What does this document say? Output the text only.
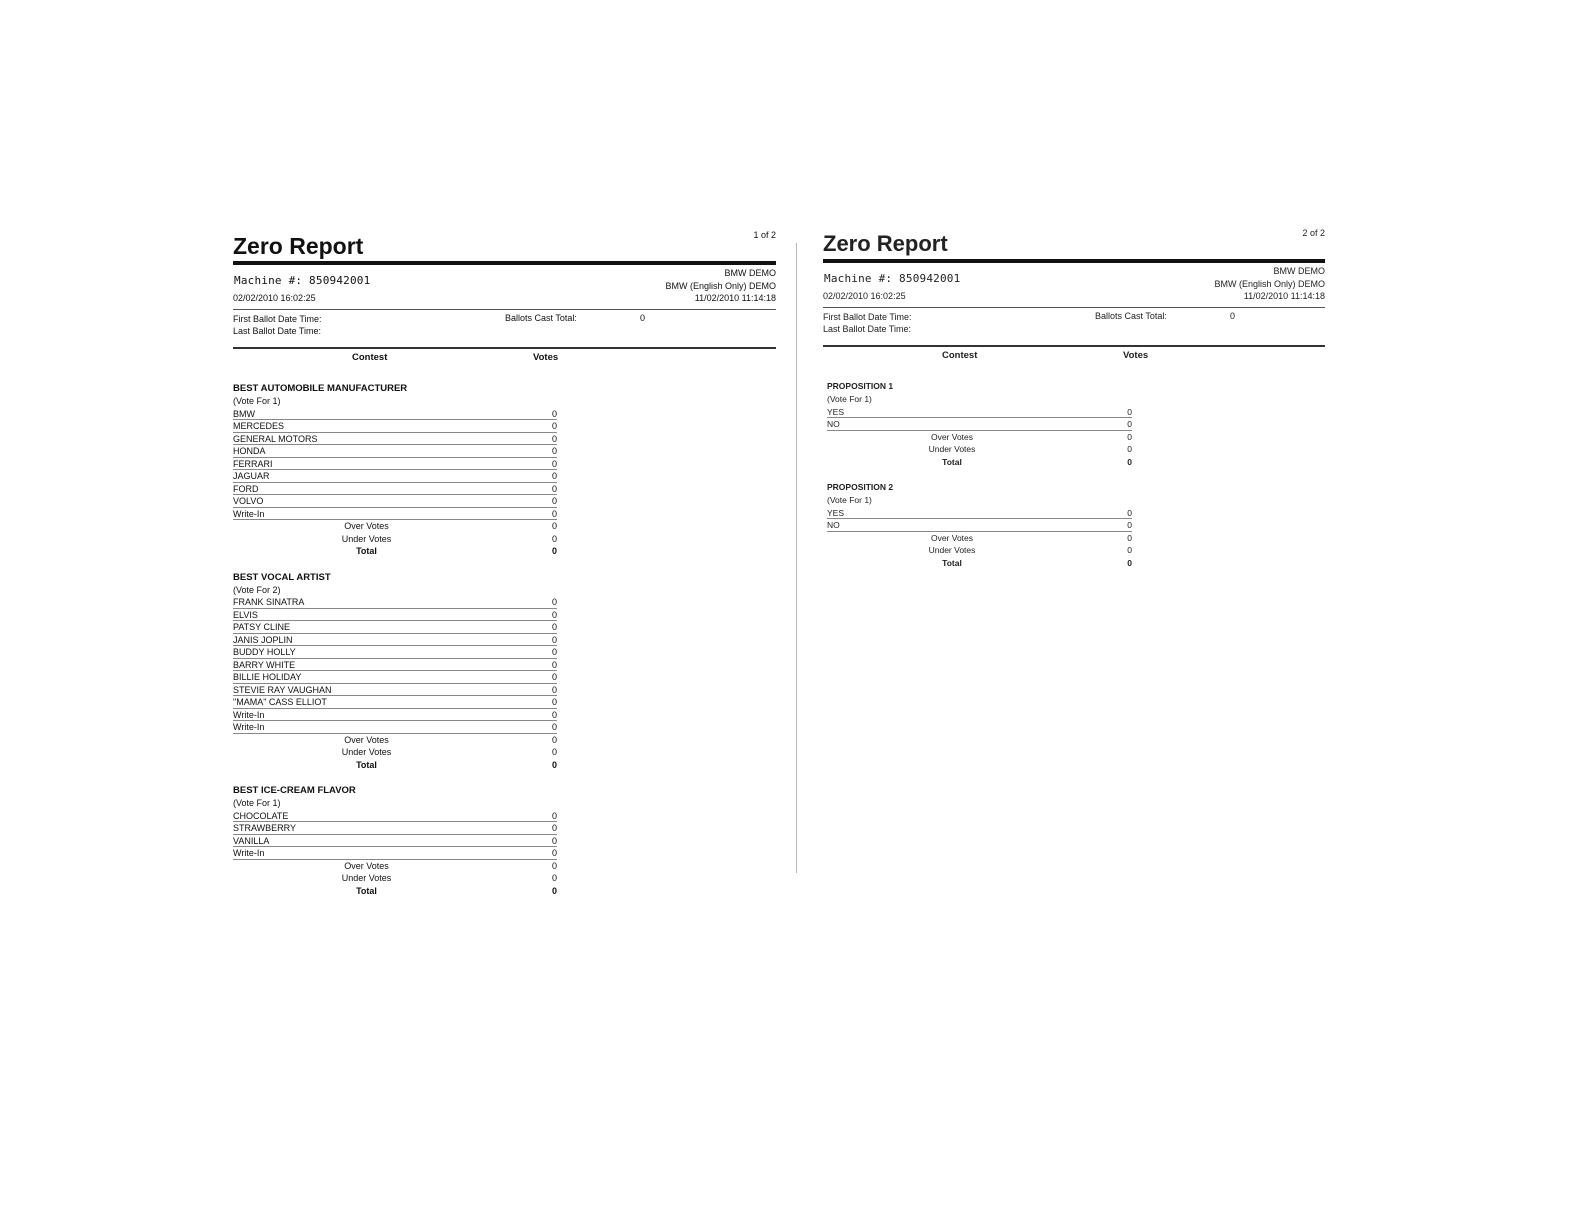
1 of 2
Zero Report
Machine #: 850942001
02/02/2010 16:02:25
BMW DEMO
BMW (English Only) DEMO
11/02/2010 11:14:18
First Ballot Date Time:
Last Ballot Date Time:
Ballots Cast Total:	0
Contest	Votes
BEST AUTOMOBILE MANUFACTURER
(Vote For 1)
BMW	0
MERCEDES	0
GENERAL MOTORS	0
HONDA	0
FERRARI	0
JAGUAR	0
FORD	0
VOLVO	0
Write-In	0
Over Votes	0
Under Votes	0
Total	0
BEST VOCAL ARTIST
(Vote For 2)
FRANK SINATRA	0
ELVIS	0
PATSY CLINE	0
JANIS JOPLIN	0
BUDDY HOLLY	0
BARRY WHITE	0
BILLIE HOLIDAY	0
STEVIE RAY VAUGHAN	0
"MAMA" CASS ELLIOT	0
Write-In	0
Write-In	0
Over Votes	0
Under Votes	0
Total	0
BEST ICE-CREAM FLAVOR
(Vote For 1)
CHOCOLATE	0
STRAWBERRY	0
VANILLA	0
Write-In	0
Over Votes	0
Under Votes	0
Total	0
2 of 2
Zero Report
Machine #: 850942001
02/02/2010 16:02:25
BMW DEMO
BMW (English Only) DEMO
11/02/2010 11:14:18
First Ballot Date Time:
Last Ballot Date Time:
Ballots Cast Total:	0
Contest	Votes
PROPOSITION 1
(Vote For 1)
YES	0
NO	0
Over Votes	0
Under Votes	0
Total	0
PROPOSITION 2
(Vote For 1)
YES	0
NO	0
Over Votes	0
Under Votes	0
Total	0
